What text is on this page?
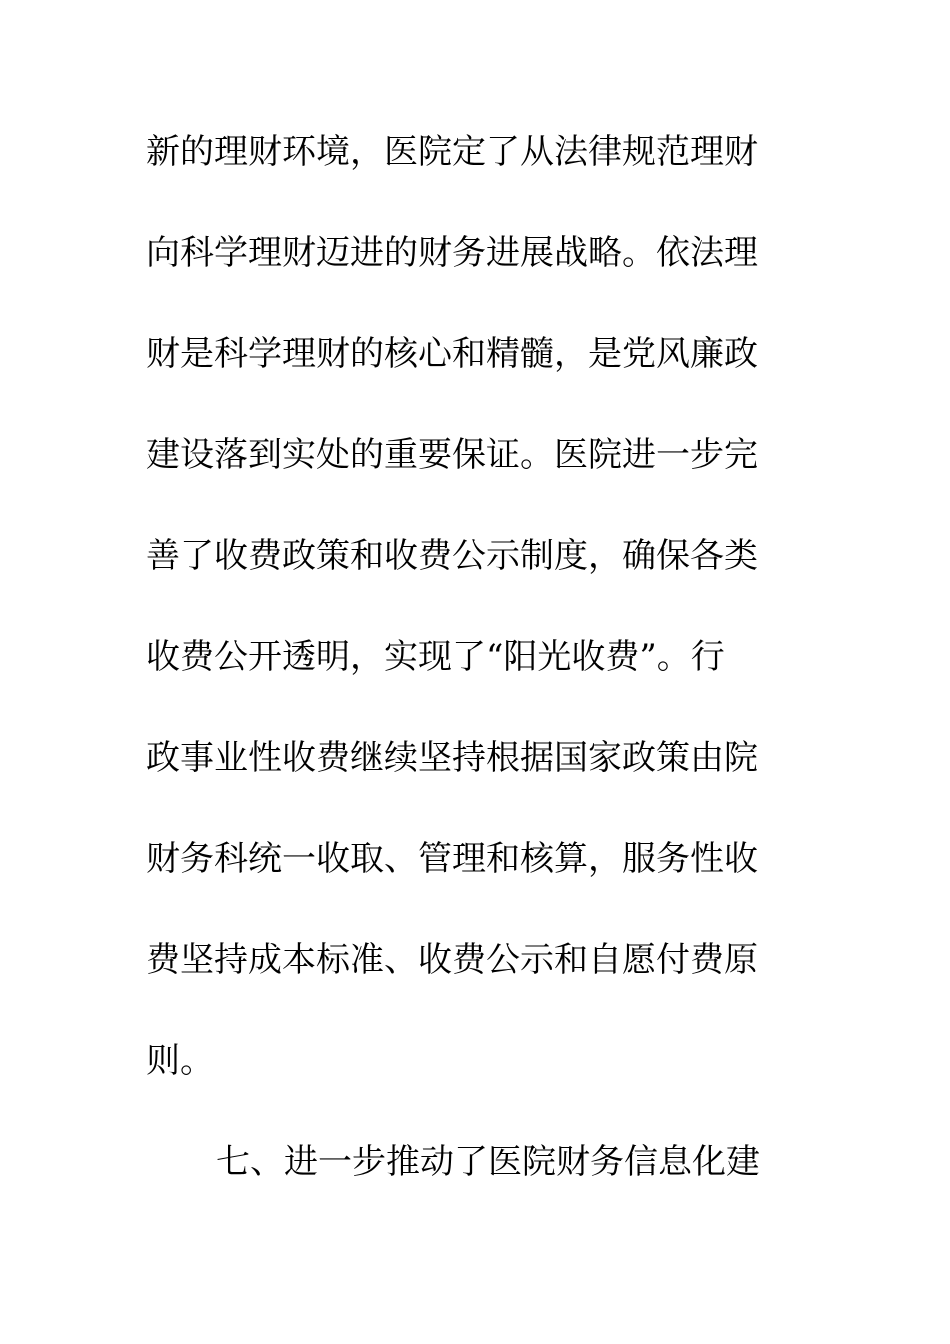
新的理财环境，医院定了从法律规范理财
向科学理财迈进的财务进展战略。依法理
财是科学理财的核心和精髓，是党风廉政
建设落到实处的重要保证。医院进一步完
善了收费政策和收费公示制度，确保各类
收费公开透明，实现了“阳光收费”。行
政事业性收费继续坚持根据国家政策由院
财务科统一收取、管理和核算，服务性收
费坚持成本标准、收费公示和自愿付费原
则。
七、进一步推动了医院财务信息化建
